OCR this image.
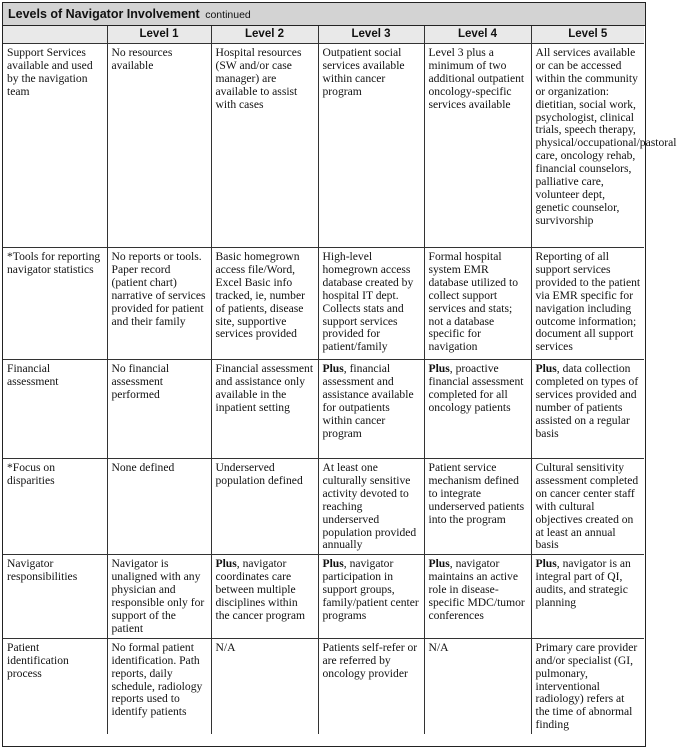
Levels of Navigator Involvement continued
	Level 1	Level 2	Level 3	Level 4	Level 5
Support Services available and used by the navigation team	No resources available	Hospital resources (SW and/or case manager) are available to assist with cases	Outpatient social services available within cancer program	Level 3 plus a minimum of two additional outpatient oncology-specific services available	All services available or can be accessed within the community or organization: dietitian, social work, psychologist, clinical trials, speech therapy, physical/occupational/pastoral care, oncology rehab, financial counselors, palliative care, volunteer dept, genetic counselor, survivorship
*Tools for reporting navigator statistics	No reports or tools. Paper record (patient chart) narrative of services provided for patient and their family	Basic homegrown access file/Word, Excel Basic info tracked, ie, number of patients, disease site, supportive services provided	High-level homegrown access database created by hospital IT dept. Collects stats and support services provided for patient/family	Formal hospital system EMR database utilized to collect support services and stats; not a database specific for navigation	Reporting of all support services provided to the patient via EMR specific for navigation including outcome information; document all support services
Financial assessment	No financial assessment performed	Financial assessment and assistance only available in the inpatient setting	Plus, financial assessment and assistance available for outpatients within cancer program	Plus, proactive financial assessment completed for all oncology patients	Plus, data collection completed on types of services provided and number of patients assisted on a regular basis
*Focus on disparities	None defined	Underserved population defined	At least one culturally sensitive activity devoted to reaching underserved population provided annually	Patient service mechanism defined to integrate underserved patients into the program	Cultural sensitivity assessment completed on cancer center staff with cultural objectives created on at least an annual basis
Navigator responsibilities	Navigator is unaligned with any physician and responsible only for support of the patient	Plus, navigator coordinates care between multiple disciplines within the cancer program	Plus, navigator participation in support groups, family/patient center programs	Plus, navigator maintains an active role in disease-specific MDC/tumor conferences	Plus, navigator is an integral part of QI, audits, and strategic planning
Patient identification process	No formal patient identification. Path reports, daily schedule, radiology reports used to identify patients	N/A	Patients self-refer or are referred by oncology provider	N/A	Primary care provider and/or specialist (GI, pulmonary, interventional radiology) refers at the time of abnormal finding
